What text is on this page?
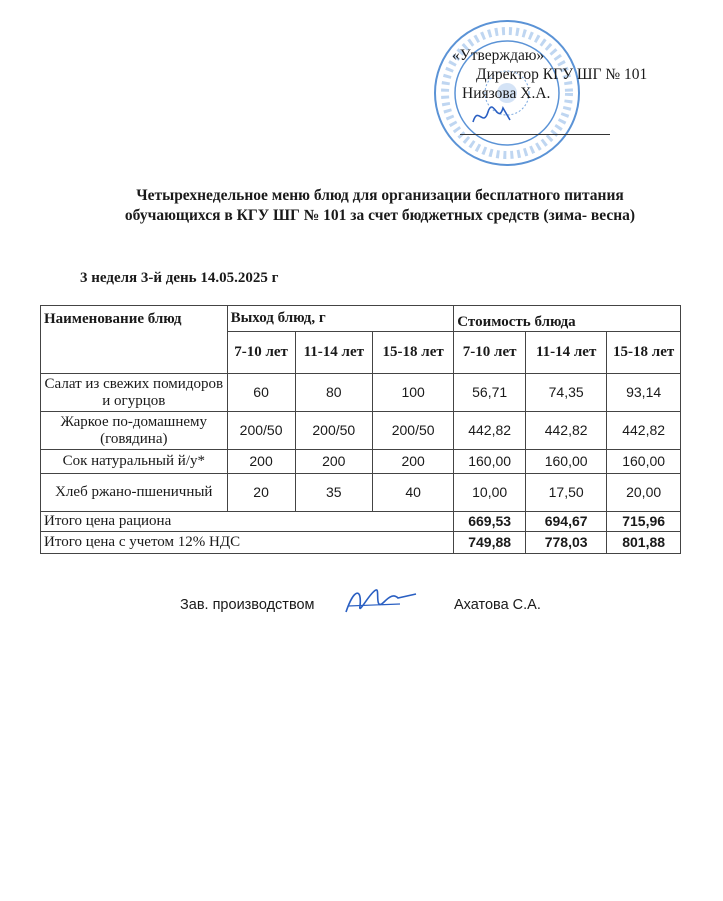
«Утверждаю»
Директор КГУ ШГ № 101
Ниязова Х.А.
Четырехнедельное меню блюд для организации бесплатного питания
обучающихся в КГУ ШГ № 101 за счет бюджетных средств (зима- весна)
3 неделя 3-й день 14.05.2025 г
Наименование блюд	Выход блюд, г			Стоимость блюда		
	7-10 лет	11-14 лет	15-18 лет	7-10 лет	11-14 лет	15-18 лет
Салат из свежих помидоров и огурцов	60	80	100	56,71	74,35	93,14
Жаркое по-домашнему (говядина)	200/50	200/50	200/50	442,82	442,82	442,82
Сок натуральный й/у*	200	200	200	160,00	160,00	160,00
Хлеб ржано-пшеничный	20	35	40	10,00	17,50	20,00
Итого цена рациона				669,53	694,67	715,96
Итого цена с учетом 12% НДС				749,88	778,03	801,88
Зав. производством	Ахатова С.А.
